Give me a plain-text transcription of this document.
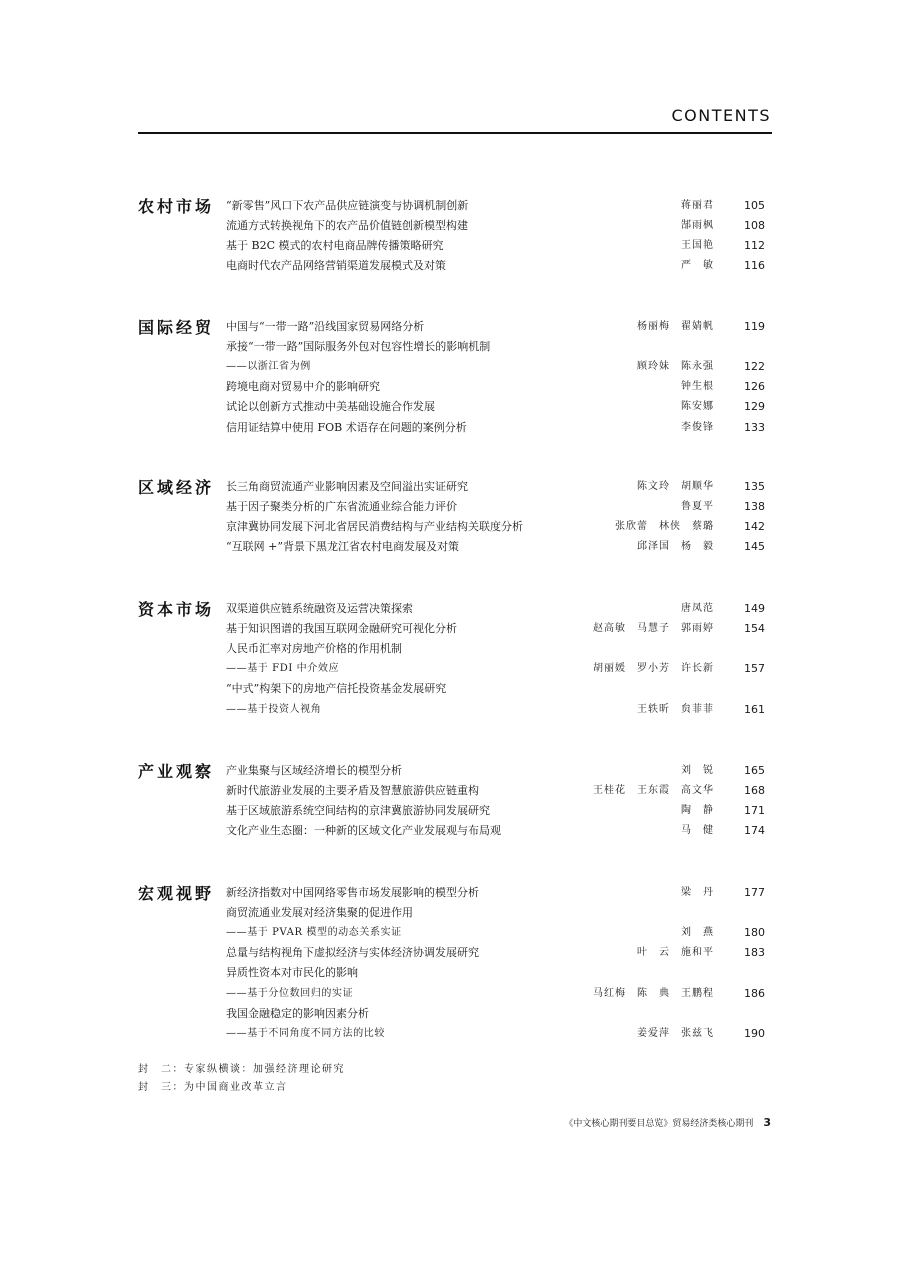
CONTENTS
农村市场 “新零售”风口下农产品供应链演变与协调机制创新	蒋丽君	105
流通方式转换视角下的农产品价值链创新模型构建	郜雨枫	108
基于 B2C 模式的农村电商品牌传播策略研究	王国艳	112
电商时代农产品网络营销渠道发展模式及对策	严　敏	116
国际经贸 中国与“一带一路”沿线国家贸易网络分析	杨丽梅　翟婧帆	119
承接“一带一路”国际服务外包对包容性增长的影响机制
——以浙江省为例	顾玲妹　陈永强	122
跨境电商对贸易中介的影响研究	钟生根	126
试论以创新方式推动中美基础设施合作发展	陈安娜	129
信用证结算中使用 FOB 术语存在问题的案例分析	李俊锋	133
区域经济 长三角商贸流通产业影响因素及空间溢出实证研究	陈文玲　胡顺华	135
基于因子聚类分析的广东省流通业综合能力评价	鲁夏平	138
京津冀协同发展下河北省居民消费结构与产业结构关联度分析	张欣蕾　林侠　蔡璐	142
“互联网 +”背景下黑龙江省农村电商发展及对策	邱泽国　杨　毅	145
资本市场 双渠道供应链系统融资及运营决策探索	唐凤范	149
基于知识图谱的我国互联网金融研究可视化分析	赵高敏　马慧子　郭雨婷	154
人民币汇率对房地产价格的作用机制
——基于 FDI 中介效应	胡丽媛　罗小芳　许长新	157
“中式”构架下的房地产信托投资基金发展研究
——基于投资人视角	王轶昕　贠菲菲	161
产业观察 产业集聚与区域经济增长的模型分析	刘　锐	165
新时代旅游业发展的主要矛盾及智慧旅游供应链重构	王桂花　王东霞　高文华	168
基于区域旅游系统空间结构的京津冀旅游协同发展研究	陶　静	171
文化产业生态圈：一种新的区域文化产业发展观与布局观	马　健	174
宏观视野 新经济指数对中国网络零售市场发展影响的模型分析	梁　丹	177
商贸流通业发展对经济集聚的促进作用
——基于 PVAR 模型的动态关系实证	刘　燕	180
总量与结构视角下虚拟经济与实体经济协调发展研究	叶　云　施和平	183
异质性资本对市民化的影响
——基于分位数回归的实证	马红梅　陈　典　王鹏程	186
我国金融稳定的影响因素分析
——基于不同角度不同方法的比较	姜爱萍　张兹飞	190
封　二：专家纵横谈：加强经济理论研究
封　三：为中国商业改革立言
《中文核心期刊要目总览》贸易经济类核心期刊 3
